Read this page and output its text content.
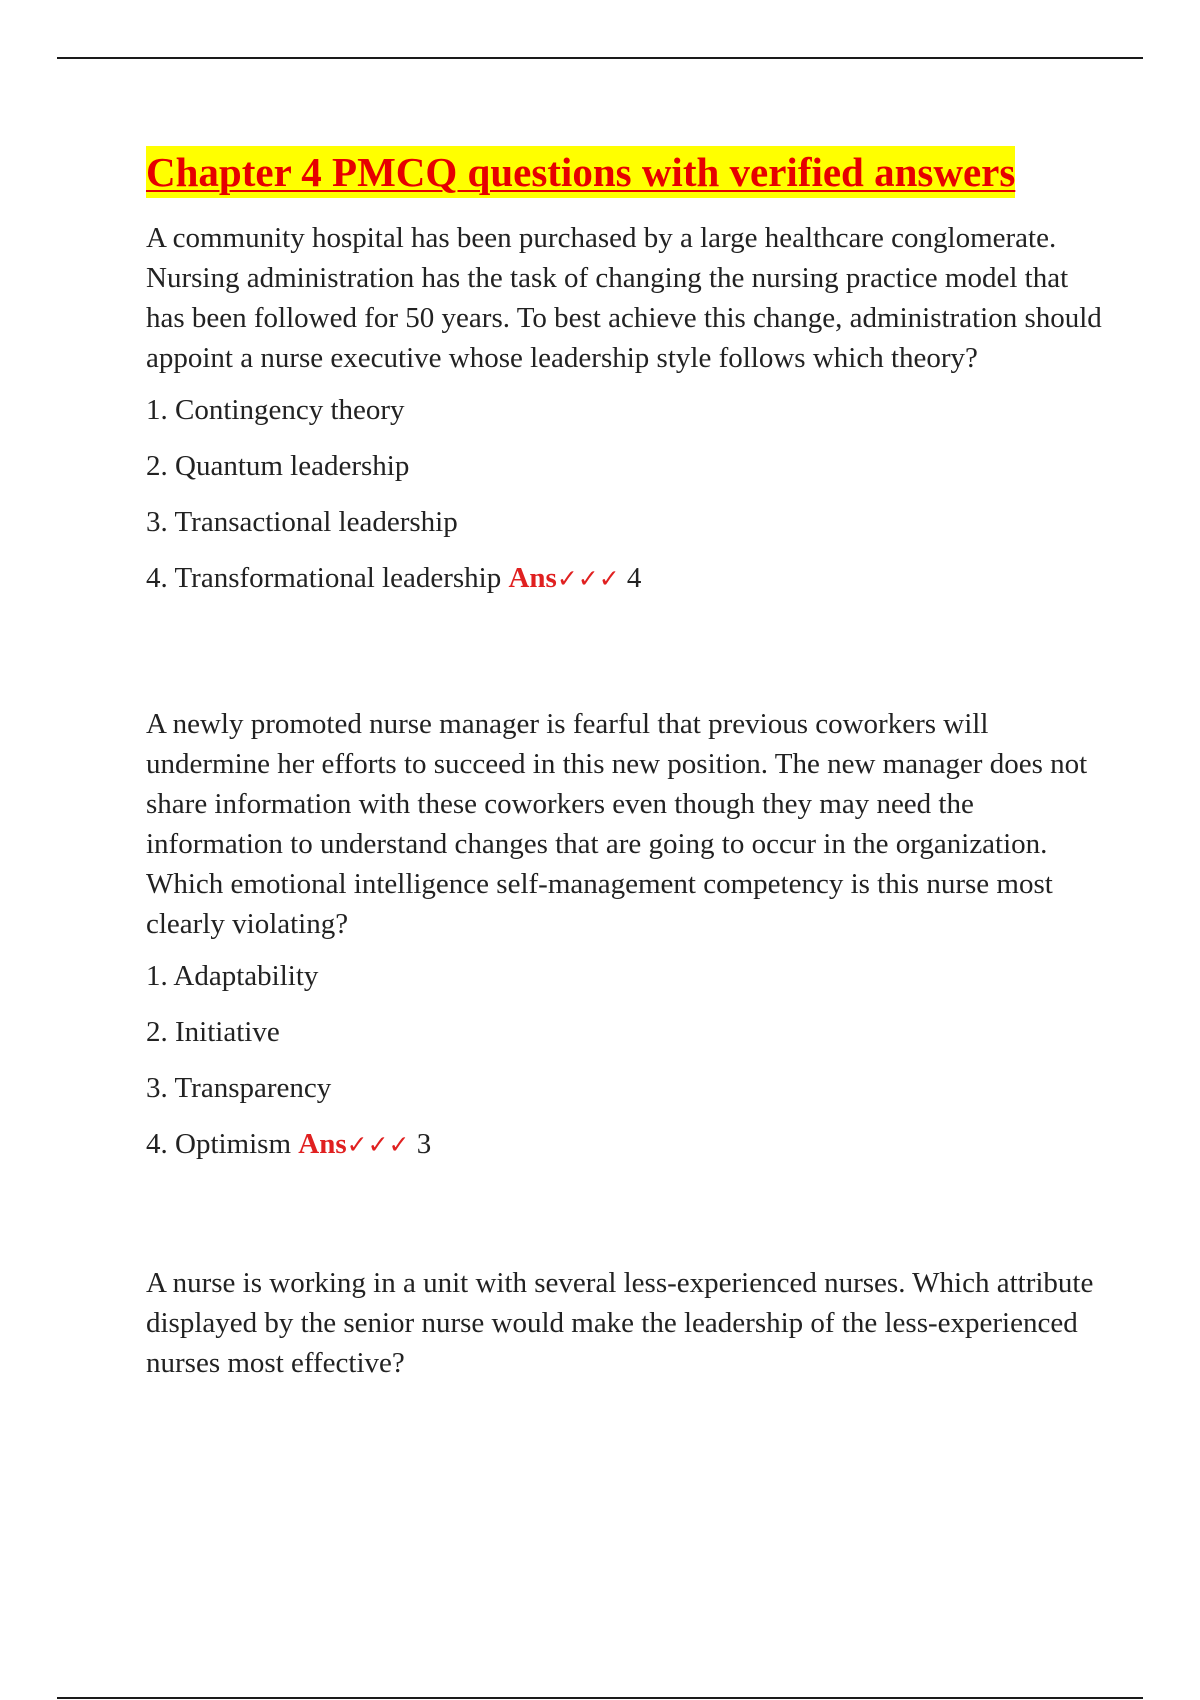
Chapter 4 PMCQ questions with verified answers

A community hospital has been purchased by a large healthcare conglomerate. Nursing administration has the task of changing the nursing practice model that has been followed for 50 years. To best achieve this change, administration should appoint a nurse executive whose leadership style follows which theory?

1 . Contingency theory
2 . Quantum leadership
3 . Transactional leadership
4 . Transformational leadership Ans✓✓✓ 4

A newly promoted nurse manager is fearful that previous coworkers will undermine her efforts to succeed in this new position. The new manager does not share information with these coworkers even though they may need the information to understand changes that are going to occur in the organization. Which emotional intelligence self-management competency is this nurse most clearly violating?

1 . Adaptability
2 . Initiative
3 . Transparency
4 . Optimism Ans✓✓✓ 3

A nurse is working in a unit with several less-experienced nurses. Which attribute displayed by the senior nurse would make the leadership of the less-experienced nurses most effective?
